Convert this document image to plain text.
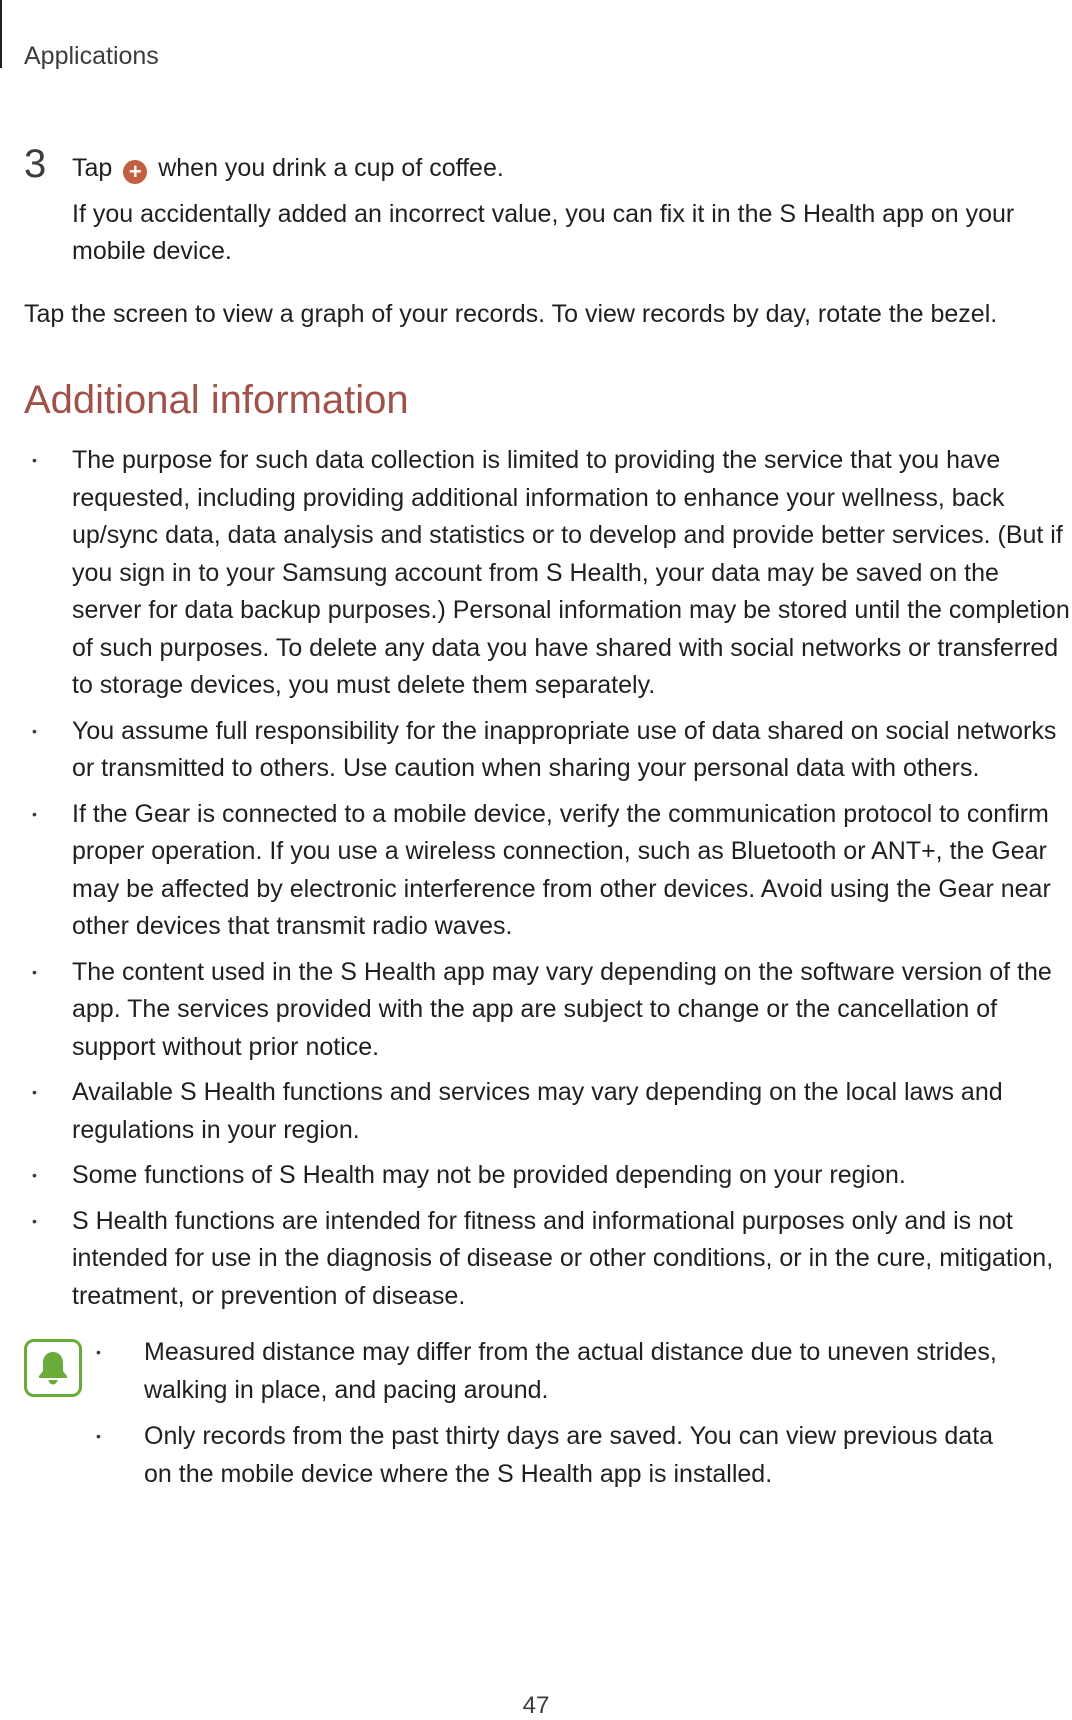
Applications
3 Tap + when you drink a cup of coffee.

If you accidentally added an incorrect value, you can fix it in the S Health app on your mobile device.

Tap the screen to view a graph of your records. To view records by day, rotate the bezel.

Additional information
• The purpose for such data collection is limited to providing the service that you have requested, including providing additional information to enhance your wellness, back up/sync data, data analysis and statistics or to develop and provide better services. (But if you sign in to your Samsung account from S Health, your data may be saved on the server for data backup purposes.) Personal information may be stored until the completion of such purposes. To delete any data you have shared with social networks or transferred to storage devices, you must delete them separately.
• You assume full responsibility for the inappropriate use of data shared on social networks or transmitted to others. Use caution when sharing your personal data with others.
• If the Gear is connected to a mobile device, verify the communication protocol to confirm proper operation. If you use a wireless connection, such as Bluetooth or ANT+, the Gear may be affected by electronic interference from other devices. Avoid using the Gear near other devices that transmit radio waves.
• The content used in the S Health app may vary depending on the software version of the app. The services provided with the app are subject to change or the cancellation of support without prior notice.
• Available S Health functions and services may vary depending on the local laws and regulations in your region.
• Some functions of S Health may not be provided depending on your region.
• S Health functions are intended for fitness and informational purposes only and is not intended for use in the diagnosis of disease or other conditions, or in the cure, mitigation, treatment, or prevention of disease.
• Measured distance may differ from the actual distance due to uneven strides, walking in place, and pacing around.
• Only records from the past thirty days are saved. You can view previous data on the mobile device where the S Health app is installed.
47
